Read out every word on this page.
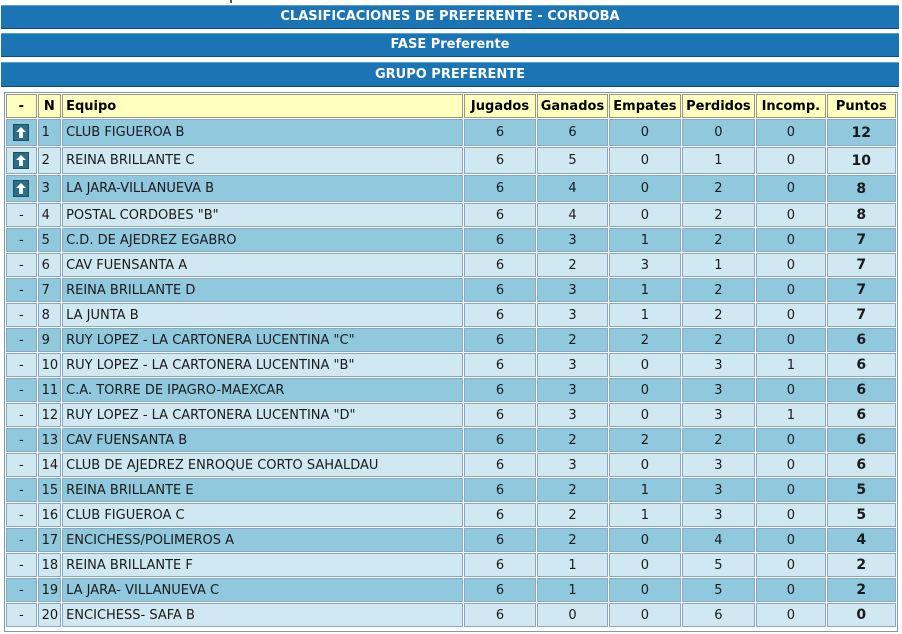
CLASIFICACIONES DE PREFERENTE - CORDOBA
FASE Preferente
GRUPO PREFERENTE
-	N	Equipo	Jugados	Ganados	Empates	Perdidos	Incomp.	Puntos

	1	CLUB FIGUEROA B	6	6	0	0	0	12

	2	REINA BRILLANTE C	6	5	0	1	0	10

	3	LA JARA-VILLANUEVA B	6	4	0	2	0	8
-	4	POSTAL CORDOBES "B"	6	4	0	2	0	8
-	5	C.D. DE AJEDREZ EGABRO	6	3	1	2	0	7
-	6	CAV FUENSANTA A	6	2	3	1	0	7
-	7	REINA BRILLANTE D	6	3	1	2	0	7
-	8	LA JUNTA B	6	3	1	2	0	7
-	9	RUY LOPEZ - LA CARTONERA LUCENTINA "C"	6	2	2	2	0	6
-	10	RUY LOPEZ - LA CARTONERA LUCENTINA "B"	6	3	0	3	1	6
-	11	C.A. TORRE DE IPAGRO-MAEXCAR	6	3	0	3	0	6
-	12	RUY LOPEZ - LA CARTONERA LUCENTINA "D"	6	3	0	3	1	6
-	13	CAV FUENSANTA B	6	2	2	2	0	6
-	14	CLUB DE AJEDREZ ENROQUE CORTO SAHALDAU	6	3	0	3	0	6
-	15	REINA BRILLANTE E	6	2	1	3	0	5
-	16	CLUB FIGUEROA C	6	2	1	3	0	5
-	17	ENCICHESS/POLIMEROS A	6	2	0	4	0	4
-	18	REINA BRILLANTE F	6	1	0	5	0	2
-	19	LA JARA- VILLANUEVA C	6	1	0	5	0	2
-	20	ENCICHESS- SAFA B	6	0	0	6	0	0
